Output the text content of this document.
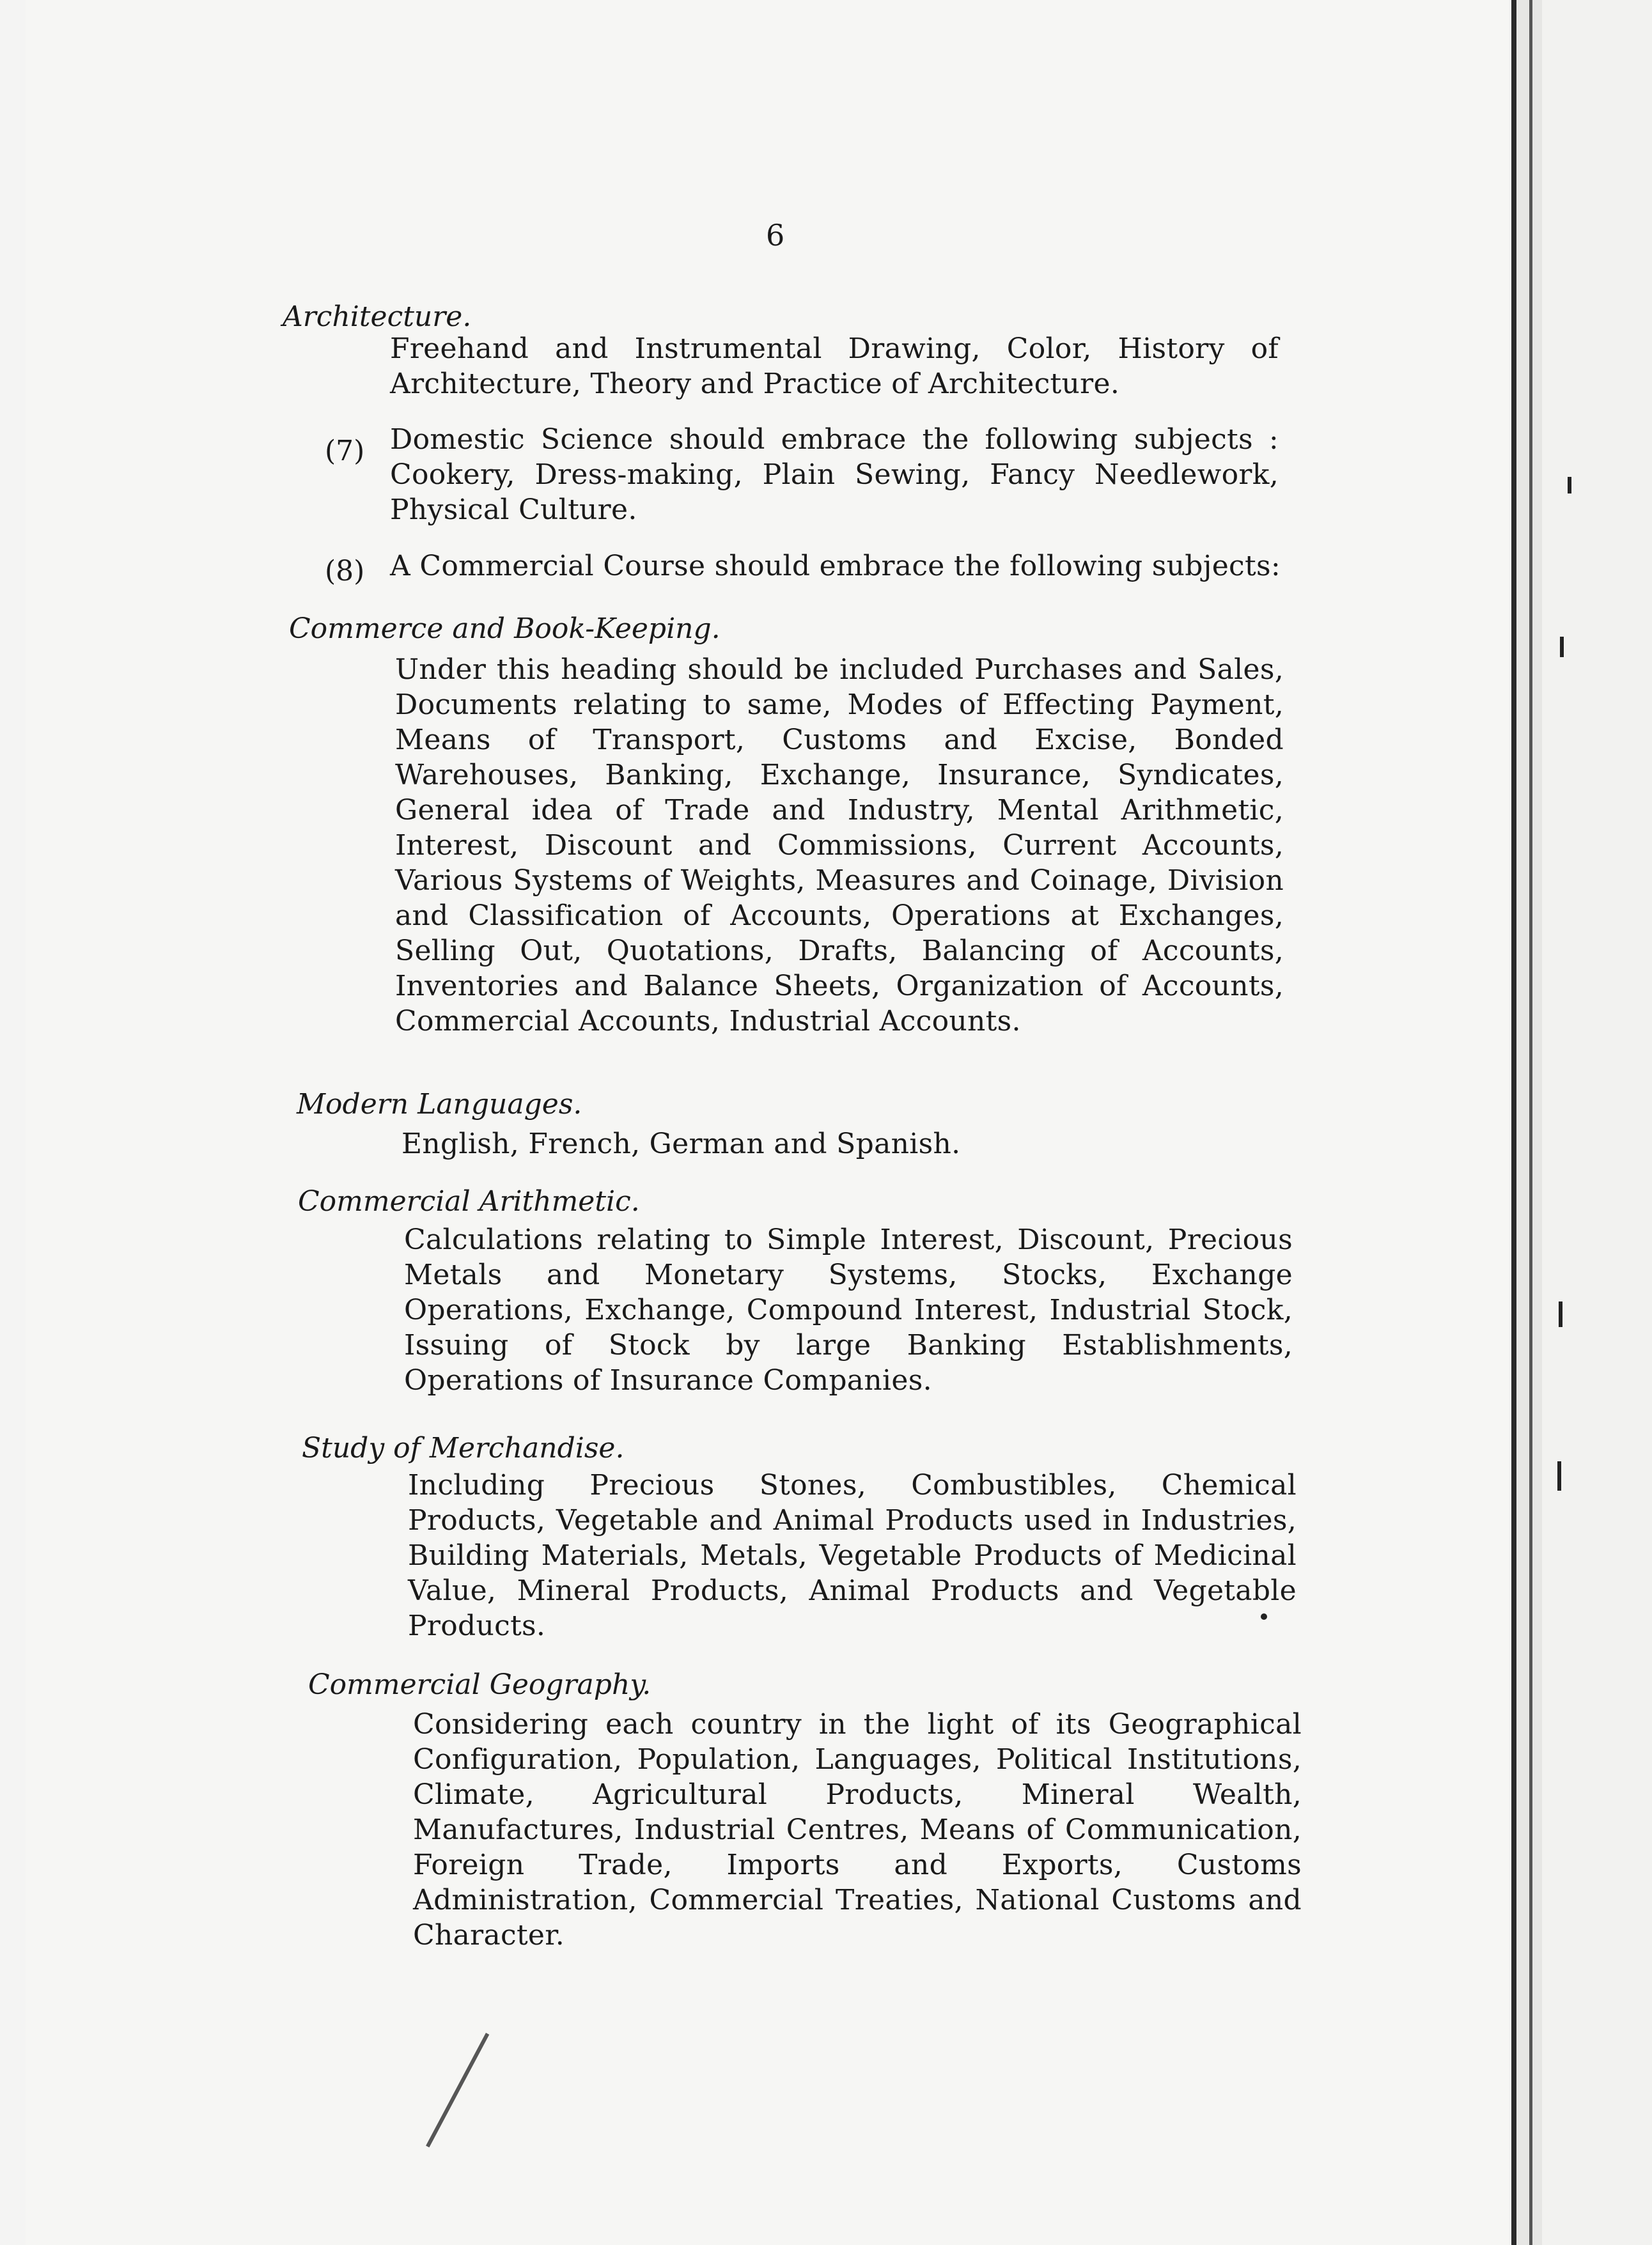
6
Architecture.
Freehand and Instrumental Drawing, Color, History of Architecture, Theory and Practice of Architecture.
(7) Domestic Science should embrace the following subjects : Cookery, Dress-making, Plain Sewing, Fancy Needlework, Physical Culture.
(8) A Commercial Course should embrace the following subjects:
Commerce and Book-Keeping.
Under this heading should be included Purchases and Sales, Documents relating to same, Modes of Effecting Payment, Means of Transport, Customs and Excise, Bonded Warehouses, Banking, Exchange, Insurance, Syndicates, General idea of Trade and Industry, Mental Arithmetic, Interest, Discount and Commissions, Current Accounts, Various Systems of Weights, Measures and Coinage, Division and Classification of Accounts, Operations at Exchanges, Selling Out, Quotations, Drafts, Balancing of Accounts, Inventories and Balance Sheets, Organization of Accounts, Commercial Accounts, Industrial Accounts.
Modern Languages.
English, French, German and Spanish.
Commercial Arithmetic.
Calculations relating to Simple Interest, Discount, Precious Metals and Monetary Systems, Stocks, Exchange Operations, Exchange, Compound Interest, Industrial Stock, Issuing of Stock by large Banking Establishments, Operations of Insurance Companies.
Study of Merchandise.
Including Precious Stones, Combustibles, Chemical Products, Vegetable and Animal Products used in Industries, Building Materials, Metals, Vegetable Products of Medicinal Value, Mineral Products, Animal Products and Vegetable Products.
Commercial Geography.
Considering each country in the light of its Geographical Configuration, Population, Languages, Political Institutions, Climate, Agricultural Products, Mineral Wealth, Manufactures, Industrial Centres, Means of Communication, Foreign Trade, Imports and Exports, Customs Administration, Commercial Treaties, National Customs and Character.
